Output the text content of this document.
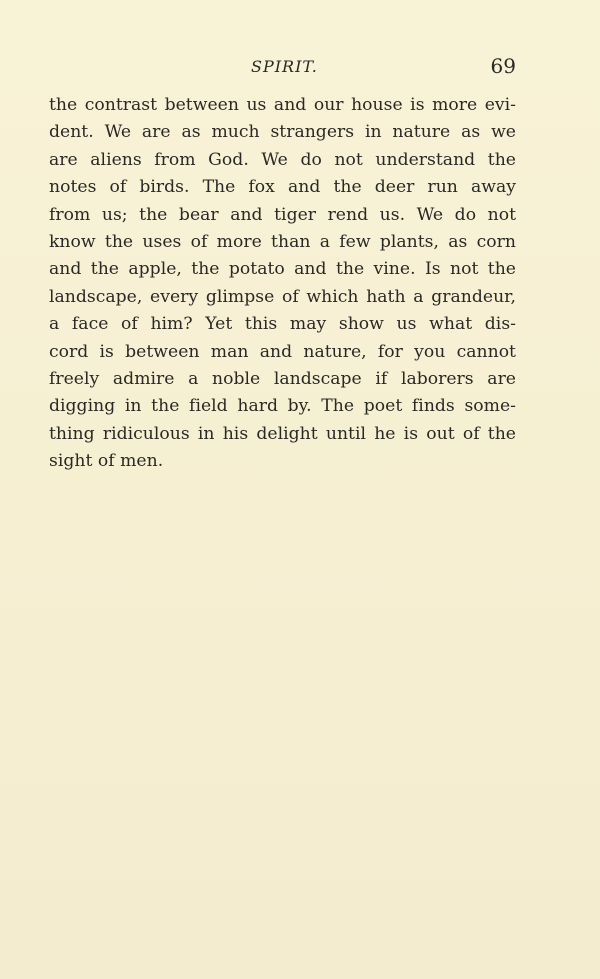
SPIRIT.	69
the contrast between us and our house is more evi-
dent. We are as much strangers in nature as we
are aliens from God. We do not understand the
notes of birds. The fox and the deer run away
from us; the bear and tiger rend us. We do not
know the uses of more than a few plants, as corn
and the apple, the potato and the vine. Is not the
landscape, every glimpse of which hath a grandeur,
a face of him? Yet this may show us what dis-
cord is between man and nature, for you cannot
freely admire a noble landscape if laborers are
digging in the field hard by. The poet finds some-
thing ridiculous in his delight until he is out of the
sight of men.
